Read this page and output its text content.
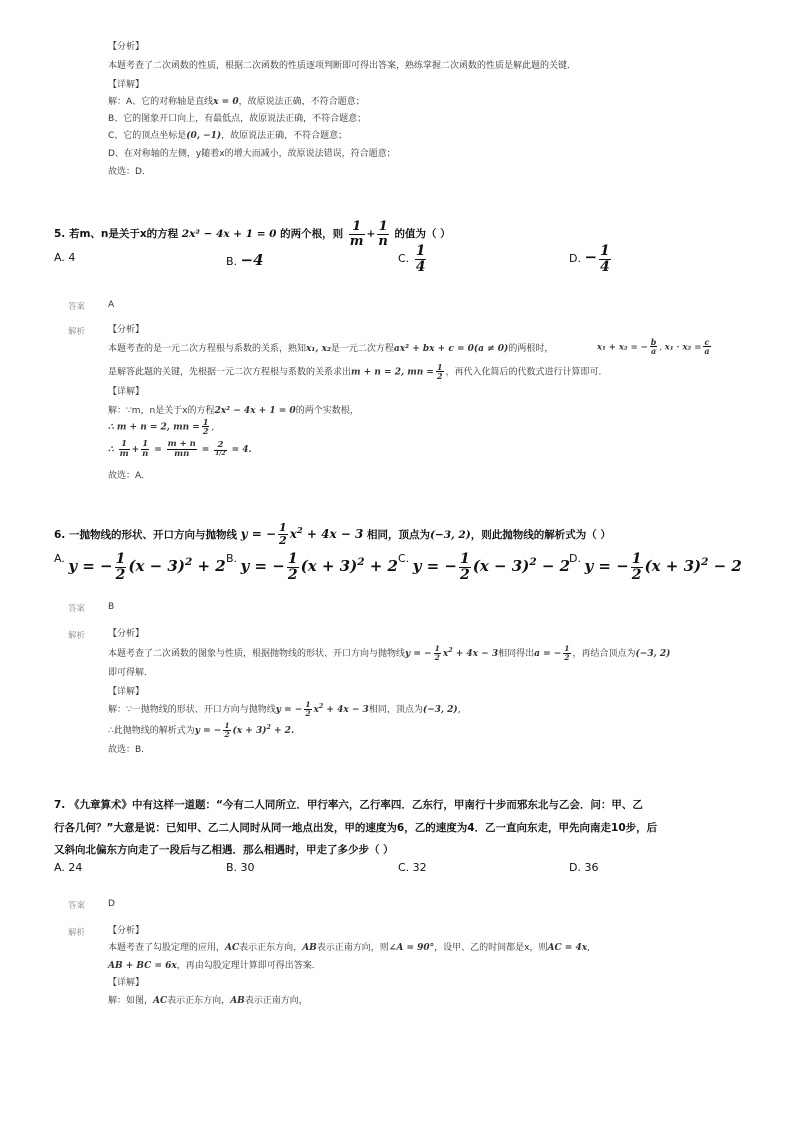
【分析】
本题考查了二次函数的性质，根据二次函数的性质逐项判断即可得出答案，熟练掌握二次函数的性质是解此题的关键．
【详解】
解：A、它的对称轴是直线x = 0，故原说法正确，不符合题意；
B、它的图象开口向上，有最低点，故原说法正确，不符合题意；
C、它的顶点坐标是(0, −1)，故原说法正确，不符合题意；
D、在对称轴的左侧，y随着x的增大而减小，故原说法错误，符合题意；
故选：D．
5. 若m、n是关于x的方程 2x² − 4x + 1 = 0 的两个根，则 $\frac{1}{m} + \frac{1}{n}$ 的值为（ ）
A. 4	B. −4	C. $\frac{1}{4}$	D. − $\frac{1}{4}$
答案	A
解析	【分析】
本题考查的是一元二次方程根与系数的关系，熟知x₁, x₂是一元二次方程ax² + bx + c = 0(a ≠ 0)的两根时，	x₁ + x₂ = − $\frac{b}{a}$ , $x_1 \cdot x_2 = \frac{c}{a}$
是解答此题的关键，先根据一元二次方程根与系数的关系求出m + n = 2, mn = $\frac{1}{2}$ ，再代入化简后的代数式进行计算即可．
【详解】
解：∵m，n是关于x的方程2x² − 4x + 1 = 0的两个实数根，
∴ m + n = 2, mn = $\frac{1}{2}$ ,
∴ $\frac{1}{m} + \frac{1}{n} = \frac{m + n}{mn} = \frac{2}{1/2} = 4$.
故选：A．
6. 一抛物线的形状、开口方向与抛物线 y = − $\frac{1}{2} x^2 + 4x - 3$ 相同，顶点为(−3, 2)，则此抛物线的解析式为（ ）
A. y = − $\frac{1}{2} (x - 3)^2 + 2$ B. y = − $\frac{1}{2} (x + 3)^2 + 2$ C. y = − $\frac{1}{2} (x - 3)^2 - 2$
D. y = − $\frac{1}{2} (x + 3)^2 - 2$
答案	B
解析	【分析】
本题考查了二次函数的图象与性质，根据抛物线的形状、开口方向与抛物线y = − $\frac{1}{2} x^2 + 4x - 3$相同得出a = − $\frac{1}{2}$ ，再结合顶点为(−3, 2)
即可得解．
【详解】
解：∵一抛物线的形状、开口方向与抛物线y = − $\frac{1}{2} x^2 + 4x - 3$相同，顶点为(−3, 2),
∴此抛物线的解析式为y = − $\frac{1}{2} (x + 3)^2 + 2$.
故选：B．
7. 《九章算术》中有这样一道题：“今有二人同所立．甲行率六，乙行率四．乙东行，甲南行十步而邪东北与乙会．问：甲、乙
行各几何？”大意是说：已知甲、乙二人同时从同一地点出发，甲的速度为6，乙的速度为4．乙一直向东走，甲先向南走10步，后
又斜向北偏东方向走了一段后与乙相遇．那么相遇时，甲走了多少步（ ）
A. 24	B. 30	C. 32	D. 36
答案	D
解析	【分析】
本题考查了勾股定理的应用，AC表示正东方向，AB表示正南方向，则∠A = 90°，设甲、乙的时间都是x，则AC = 4x,
AB + BC = 6x，再由勾股定理计算即可得出答案．
【详解】
解：如图，AC表示正东方向，AB表示正南方向，
